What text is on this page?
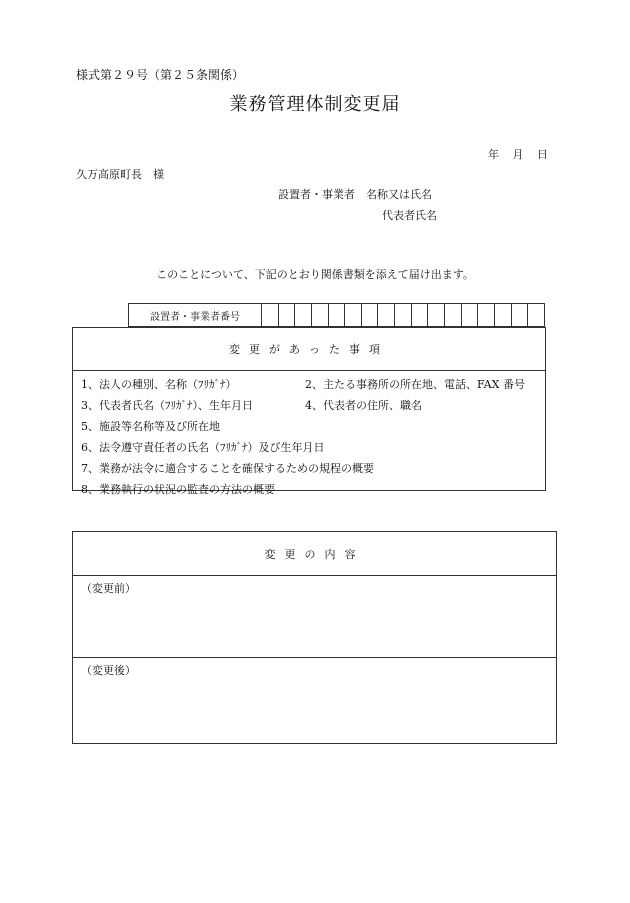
様式第２９号（第２５条関係）
業務管理体制変更届
年 月 日
久万高原町長　様
設置者・事業者　名称又は氏名
代表者氏名
このことについて、下記のとおり関係書類を添えて届け出ます。
設置者・事業者番号
変更があった事項
1、法人の種別、名称（ﾌﾘｶﾞﾅ）	2、主たる事務所の所在地、電話、FAX 番号
3、代表者氏名（ﾌﾘｶﾞﾅ）、生年月日	4、代表者の住所、職名
5、施設等名称等及び所在地
6、法令遵守責任者の氏名（ﾌﾘｶﾞﾅ）及び生年月日
7、業務が法令に適合することを確保するための規程の概要
8、業務執行の状況の監査の方法の概要
変更の内容
（変更前）
（変更後）
